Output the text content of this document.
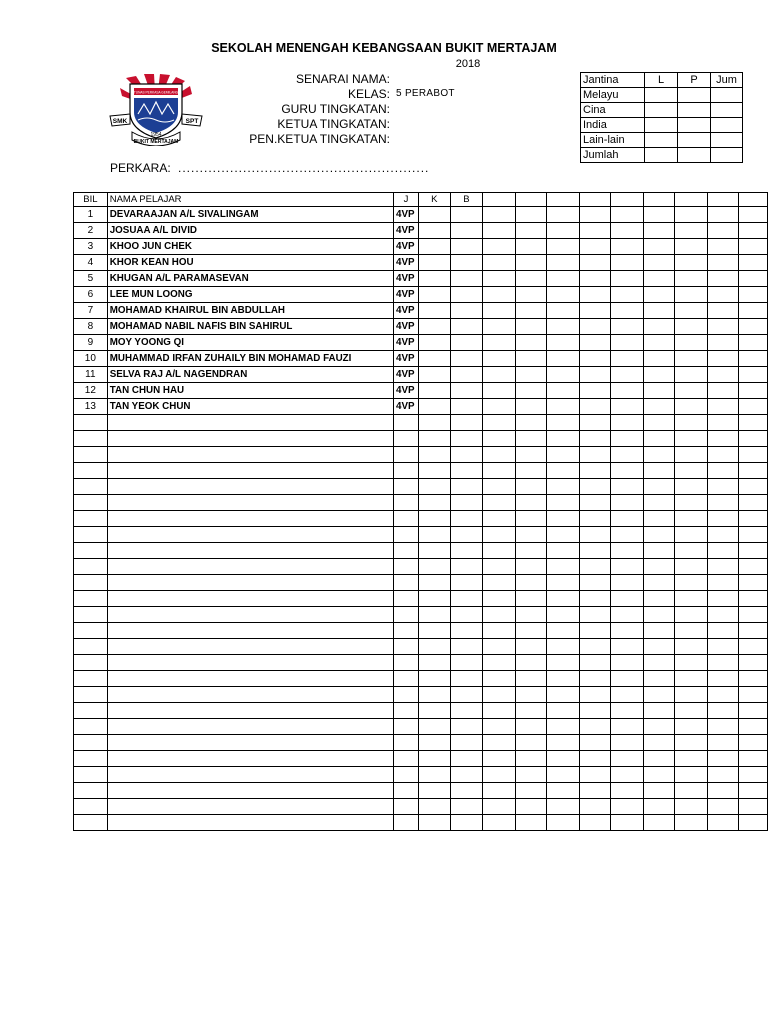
SEKOLAH MENENGAH KEBANGSAAN BUKIT MERTAJAM
2018
SENARAI NAMA:
KELAS: 5 PERABOT
GURU TINGKATAN:
KETUA TINGKATAN:
PEN.KETUA TINGKATAN:
PERKARA: ..........................................................
SMK	SPT
1954
BUKIT MERTAJAM
TUNAS PERKASA GEMILANG
Jantina	L	P	Jum
Melayu			
Cina			
India			
Lain-lain			
Jumlah			
BIL	NAMA PELAJAR	J	K	B									
1	DEVARAAJAN A/L SIVALINGAM	4VP											
2	JOSUAA A/L DIVID	4VP											
3	KHOO JUN CHEK	4VP											
4	KHOR KEAN HOU	4VP											
5	KHUGAN A/L PARAMASEVAN	4VP											
6	LEE MUN LOONG	4VP											
7	MOHAMAD KHAIRUL BIN ABDULLAH	4VP											
8	MOHAMAD NABIL NAFIS BIN SAHIRUL	4VP											
9	MOY YOONG QI	4VP											
10	MUHAMMAD IRFAN ZUHAILY BIN MOHAMAD FAUZI	4VP											
11	SELVA RAJ A/L NAGENDRAN	4VP											
12	TAN CHUN HAU	4VP											
13	TAN YEOK CHUN	4VP											
